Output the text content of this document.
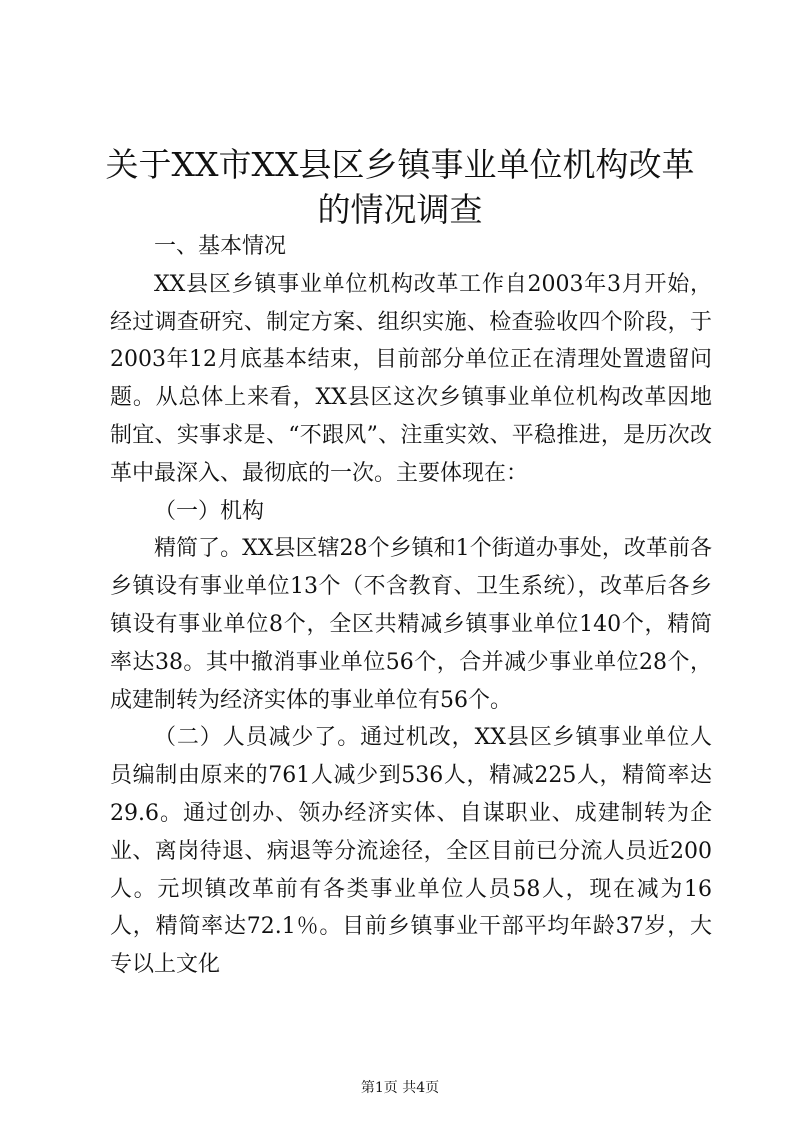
关于XX市XX县区乡镇事业单位机构改革的情况调查

一、基本情况

XX县区乡镇事业单位机构改革工作自2003年3月开始，经过调查研究、制定方案、组织实施、检查验收四个阶段，于2003年12月底基本结束，目前部分单位正在清理处置遗留问题。从总体上来看，XX县区这次乡镇事业单位机构改革因地制宜、实事求是、“不跟风”、注重实效、平稳推进，是历次改革中最深入、最彻底的一次。主要体现在：

（一）机构

精简了。XX县区辖28个乡镇和1个街道办事处，改革前各乡镇设有事业单位13个（不含教育、卫生系统），改革后各乡镇设有事业单位8个，全区共精减乡镇事业单位140个，精简率达38。其中撤消事业单位56个，合并减少事业单位28个，成建制转为经济实体的事业单位有56个。

（二）人员减少了。通过机改，XX县区乡镇事业单位人员编制由原来的761人减少到536人，精减225人，精简率达29.6。通过创办、领办经济实体、自谋职业、成建制转为企业、离岗待退、病退等分流途径，全区目前已分流人员近200人。元坝镇改革前有各类事业单位人员58人，现在减为16人，精简率达72.1％。目前乡镇事业干部平均年龄37岁，大专以上文化

第1页 共4页
